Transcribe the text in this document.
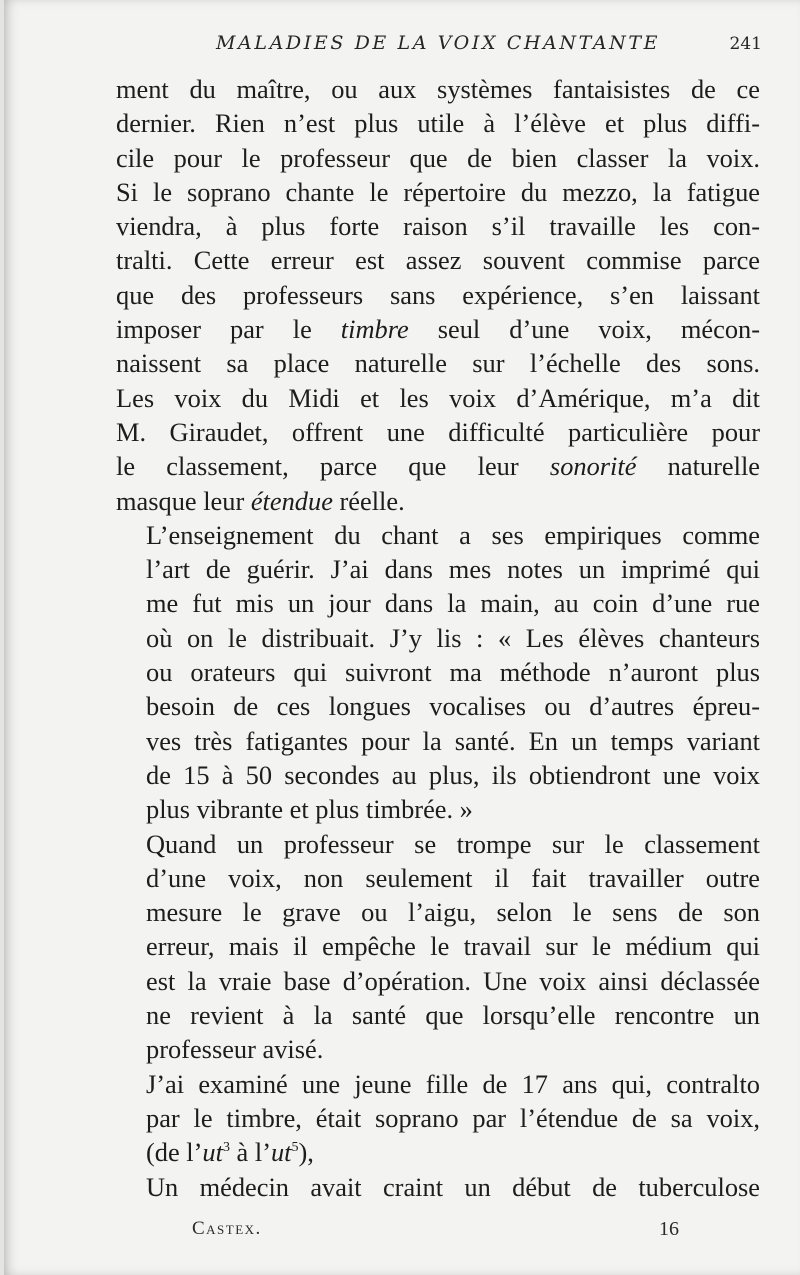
MALADIES DE LA VOIX CHANTANTE	241

ment du maître, ou aux systèmes fantaisistes de ce
dernier. Rien n’est plus utile à l’élève et plus diffi-
cile pour le professeur que de bien classer la voix.
Si le soprano chante le répertoire du mezzo, la fatigue
viendra, à plus forte raison s’il travaille les con-
tralti. Cette erreur est assez souvent commise parce
que des professeurs sans expérience, s’en laissant
imposer par le timbre seul d’une voix, mécon-
naissent sa place naturelle sur l’échelle des sons.
Les voix du Midi et les voix d’Amérique, m’a dit
M. Giraudet, offrent une difficulté particulière pour
le classement, parce que leur sonorité naturelle
masque leur étendue réelle.

L’enseignement du chant a ses empiriques comme
l’art de guérir. J’ai dans mes notes un imprimé qui
me fut mis un jour dans la main, au coin d’une rue
où on le distribuait. J’y lis : « Les élèves chanteurs
ou orateurs qui suivront ma méthode n’auront plus
besoin de ces longues vocalises ou d’autres épreu-
ves très fatigantes pour la santé. En un temps variant
de 15 à 50 secondes au plus, ils obtiendront une voix
plus vibrante et plus timbrée. »

Quand un professeur se trompe sur le classement
d’une voix, non seulement il fait travailler outre
mesure le grave ou l’aigu, selon le sens de son
erreur, mais il empêche le travail sur le médium qui
est la vraie base d’opération. Une voix ainsi déclassée
ne revient à la santé que lorsqu’elle rencontre un
professeur avisé.

J’ai examiné une jeune fille de 17 ans qui, contralto
par le timbre, était soprano par l’étendue de sa voix,
(de $l’ut^3$ à $l’ut^5$),

Un médecin avait craint un début de tuberculose

Castex.	16
